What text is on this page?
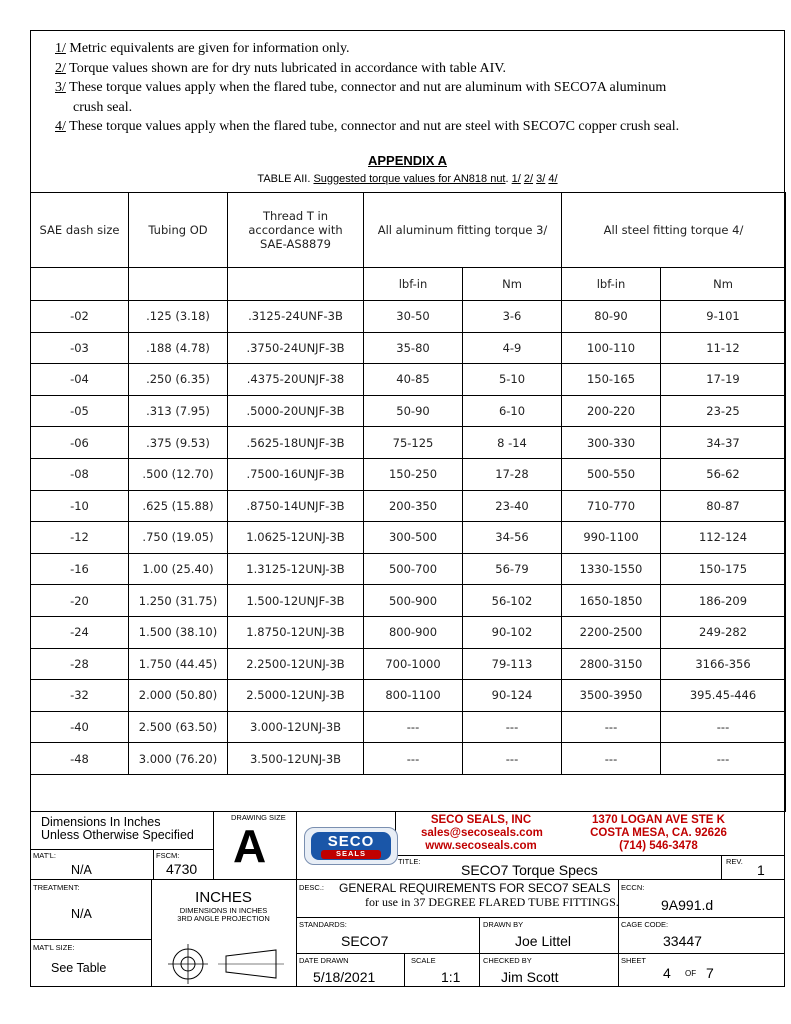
1/ Metric equivalents are given for information only.

2/ Torque values shown are for dry nuts lubricated in accordance with table AIV.

3/ These torque values apply when the flared tube, connector and nut are aluminum with SECO7A aluminum
crush seal.

4/ These torque values apply when the flared tube, connector and nut are steel with SECO7C copper crush seal.

APPENDIX A
TABLE AII. Suggested torque values for AN818 nut. 1/ 2/ 3/ 4/
SAE dash size	Tubing OD	Thread T in accordance with SAE-AS8879	All aluminum fitting torque 3/		All steel fitting torque 4/	
			lbf-in	Nm	lbf-in	Nm
-02	.125 (3.18)	.3125-24UNF-3B	30-50	3-6	80-90	9-101
-03	.188 (4.78)	.3750-24UNJF-3B	35-80	4-9	100-110	11-12
-04	.250 (6.35)	.4375-20UNJF-38	40-85	5-10	150-165	17-19
-05	.313 (7.95)	.5000-20UNJF-3B	50-90	6-10	200-220	23-25
-06	.375 (9.53)	.5625-18UNJF-3B	75-125	8 -14	300-330	34-37
-08	.500 (12.70)	.7500-16UNJF-3B	150-250	17-28	500-550	56-62
-10	.625 (15.88)	.8750-14UNJF-3B	200-350	23-40	710-770	80-87
-12	.750 (19.05)	1.0625-12UNJ-3B	300-500	34-56	990-1100	112-124
-16	1.00 (25.40)	1.3125-12UNJ-3B	500-700	56-79	1330-1550	150-175
-20	1.250 (31.75)	1.500-12UNJF-3B	500-900	56-102	1650-1850	186-209
-24	1.500 (38.10)	1.8750-12UNJ-3B	800-900	90-102	2200-2500	249-282
-28	1.750 (44.45)	2.2500-12UNJ-3B	700-1000	79-113	2800-3150	3166-356
-32	2.000 (50.80)	2.5000-12UNJ-3B	800-1100	90-124	3500-3950	395.45-446
-40	2.500 (63.50)	3.000-12UNJ-3B	---	---	---	---
-48	3.000 (76.20)	3.500-12UNJ-3B	---	---	---	---

Dimensions In Inches
Unless Otherwise Specified
DRAWING SIZE
A
MAT'L:
N/A
FSCM:
4730
SECO
SEALS
SECO SEALS, INC
sales@secoseals.com
www.secoseals.com
1370 LOGAN AVE STE K
COSTA MESA, CA. 92626
(714) 546-3478
TITLE:
SECO7 Torque Specs
REV.
1
TREATMENT:
N/A
MAT'L SIZE:
See Table
INCHES
DIMENSIONS IN INCHES
3RD ANGLE PROJECTION
DESC.: GENERAL REQUIREMENTS FOR SECO7 SEALS
for use in 37 DEGREE FLARED TUBE FITTINGS.
ECCN:
9A991.d
STANDARDS:
SECO7
DRAWN BY
Joe Littel
CAGE CODE:
33447
DATE DRAWN
5/18/2021
SCALE
1:1
CHECKED BY
Jim Scott
SHEET
4 OF 7
